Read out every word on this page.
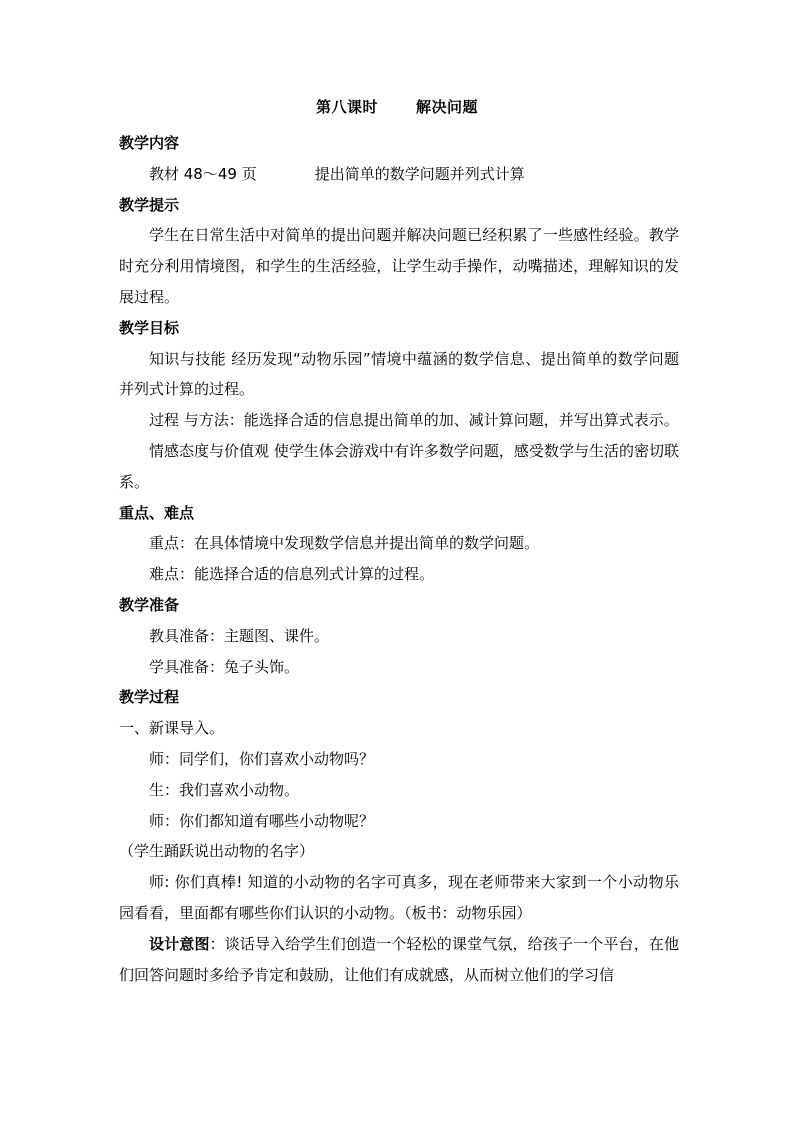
第八课时	解决问题

教学内容

教材 48～49 页	提出简单的数学问题并列式计算

教学提示

学生在日常生活中对简单的提出问题并解决问题已经积累了一些感性经验。教学时充分利用情境图，和学生的生活经验，让学生动手操作，动嘴描述，理解知识的发展过程。

教学目标

知识与技能 经历发现“动物乐园”情境中蕴涵的数学信息、提出简单的数学问题并列式计算的过程。

过程 与方法：能选择合适的信息提出简单的加、减计算问题，并写出算式表示。

情感态度与价值观 使学生体会游戏中有许多数学问题，感受数学与生活的密切联系。

重点、难点

重点：在具体情境中发现数学信息并提出简单的数学问题。

难点：能选择合适的信息列式计算的过程。

教学准备

教具准备：主题图、课件。

学具准备：兔子头饰。

教学过程

一、新课导入。

师：同学们，你们喜欢小动物吗？

生：我们喜欢小动物。

师：你们都知道有哪些小动物呢？

（学生踊跃说出动物的名字）

师: 你们真棒! 知道的小动物的名字可真多，现在老师带来大家到一个小动物乐园看看，里面都有哪些你们认识的小动物。（板书：动物乐园）

设计意图：谈话导入给学生们创造一个轻松的课堂气氛，给孩子一个平台，在他们回答问题时多给予肯定和鼓励，让他们有成就感，从而树立他们的学习信
